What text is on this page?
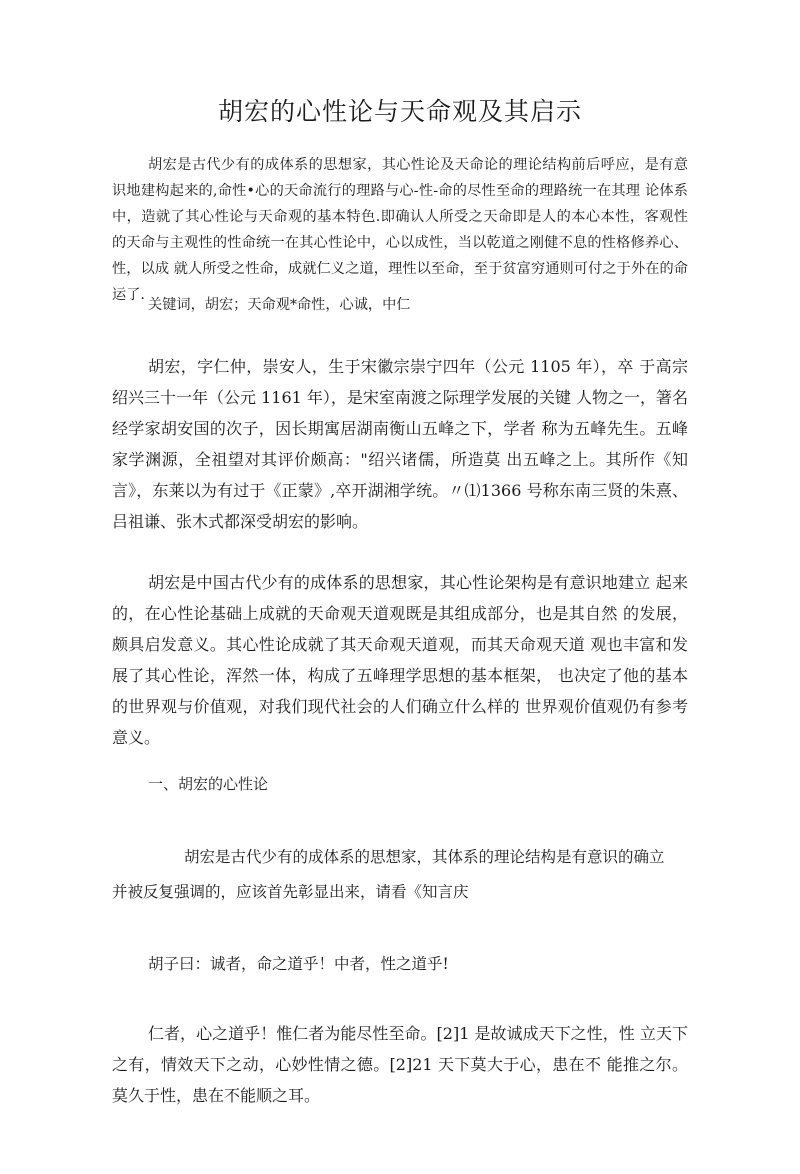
胡宏的心性论与天命观及其启示
胡宏是古代少有的成体系的思想家，其心性论及天命论的理论结构前后呼应，是有意 识地建构起来的,命性•心的天命流行的理路与心-性-命的尽性至命的理路统一在其理 论体系中，造就了其心性论与天命观的基本特色.即确认人所受之天命即是人的本心本性，客观性 的天命与主观性的性命统一在其心性论中，心以成性，当以乾道之刚健不息的性格修养心、性，以成 就人所受之性命，成就仁义之道，理性以至命，至于贫富穷通则可付之于外在的命运了.
关键词，胡宏；天命观*命性，心诚，中仁
胡宏，字仁仲，崇安人，生于宋徽宗崇宁四年（公元 1105 年），卒 于高宗绍兴三十一年（公元 1161 年），是宋室南渡之际理学发展的关键 人物之一，箸名经学家胡安国的次子，因长期寓居湖南衡山五峰之下，学者 称为五峰先生。五峰家学渊源，全祖望对其评价颇高："绍兴诸儒，所造莫 出五峰之上。其所作《知言》，东莱以为有过于《正蒙》,卒开湖湘学统。〃⑴1366 号称东南三贤的朱熹、吕祖谦、张木式都深受胡宏的影响。
胡宏是中国古代少有的成体系的思想家，其心性论架构是有意识地建立 起来的，在心性论基础上成就的天命观天道观既是其组成部分，也是其自然 的发展，颇具启发意义。其心性论成就了其天命观天道观，而其天命观天道 观也丰富和发展了其心性论，浑然一体，构成了五峰理学思想的基本框架， 也决定了他的基本的世界观与价值观，对我们现代社会的人们确立什么样的 世界观价值观仍有参考意义。
一、胡宏的心性论
胡宏是古代少有的成体系的思想家，其体系的理论结构是有意识的确立
并被反复强调的，应该首先彰显出来，请看《知言庆
胡子曰：诚者，命之道乎！中者，性之道乎!
仁者，心之道乎！惟仁者为能尽性至命。[2]1 是故诚成天下之性，性 立天下之有，情效天下之动，心妙性情之德。[2]21 天下莫大于心，患在不 能推之尔。莫久于性，患在不能顺之耳。
